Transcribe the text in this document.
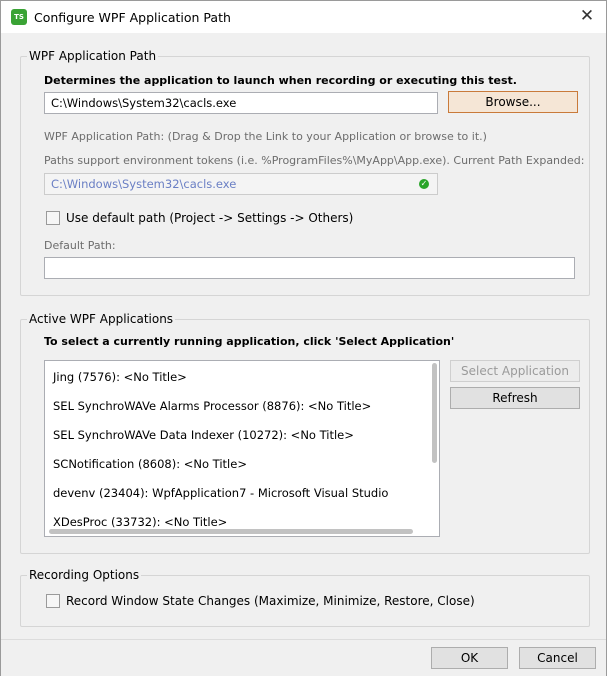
TS Configure WPF Application Path	✕
WPF Application Path
Determines the application to launch when recording or executing this test.
C:\Windows\System32\cacls.exe	Browse...
WPF Application Path: (Drag & Drop the Link to your Application or browse to it.)
Paths support environment tokens (i.e. %ProgramFiles%\MyApp\App.exe). Current Path Expanded:
C:\Windows\System32\cacls.exe	✓
Use default path (Project -> Settings -> Others)
Default Path:
Active WPF Applications
To select a currently running application, click 'Select Application'
Jing (7576): <No Title>
SEL SynchroWAVe Alarms Processor (8876): <No Title>
SEL SynchroWAVe Data Indexer (10272): <No Title>
SCNotification (8608): <No Title>
devenv (23404): WpfApplication7 - Microsoft Visual Studio
XDesProc (33732): <No Title>
Select Application
Refresh
Recording Options
Record Window State Changes (Maximize, Minimize, Restore, Close)
OK	Cancel
